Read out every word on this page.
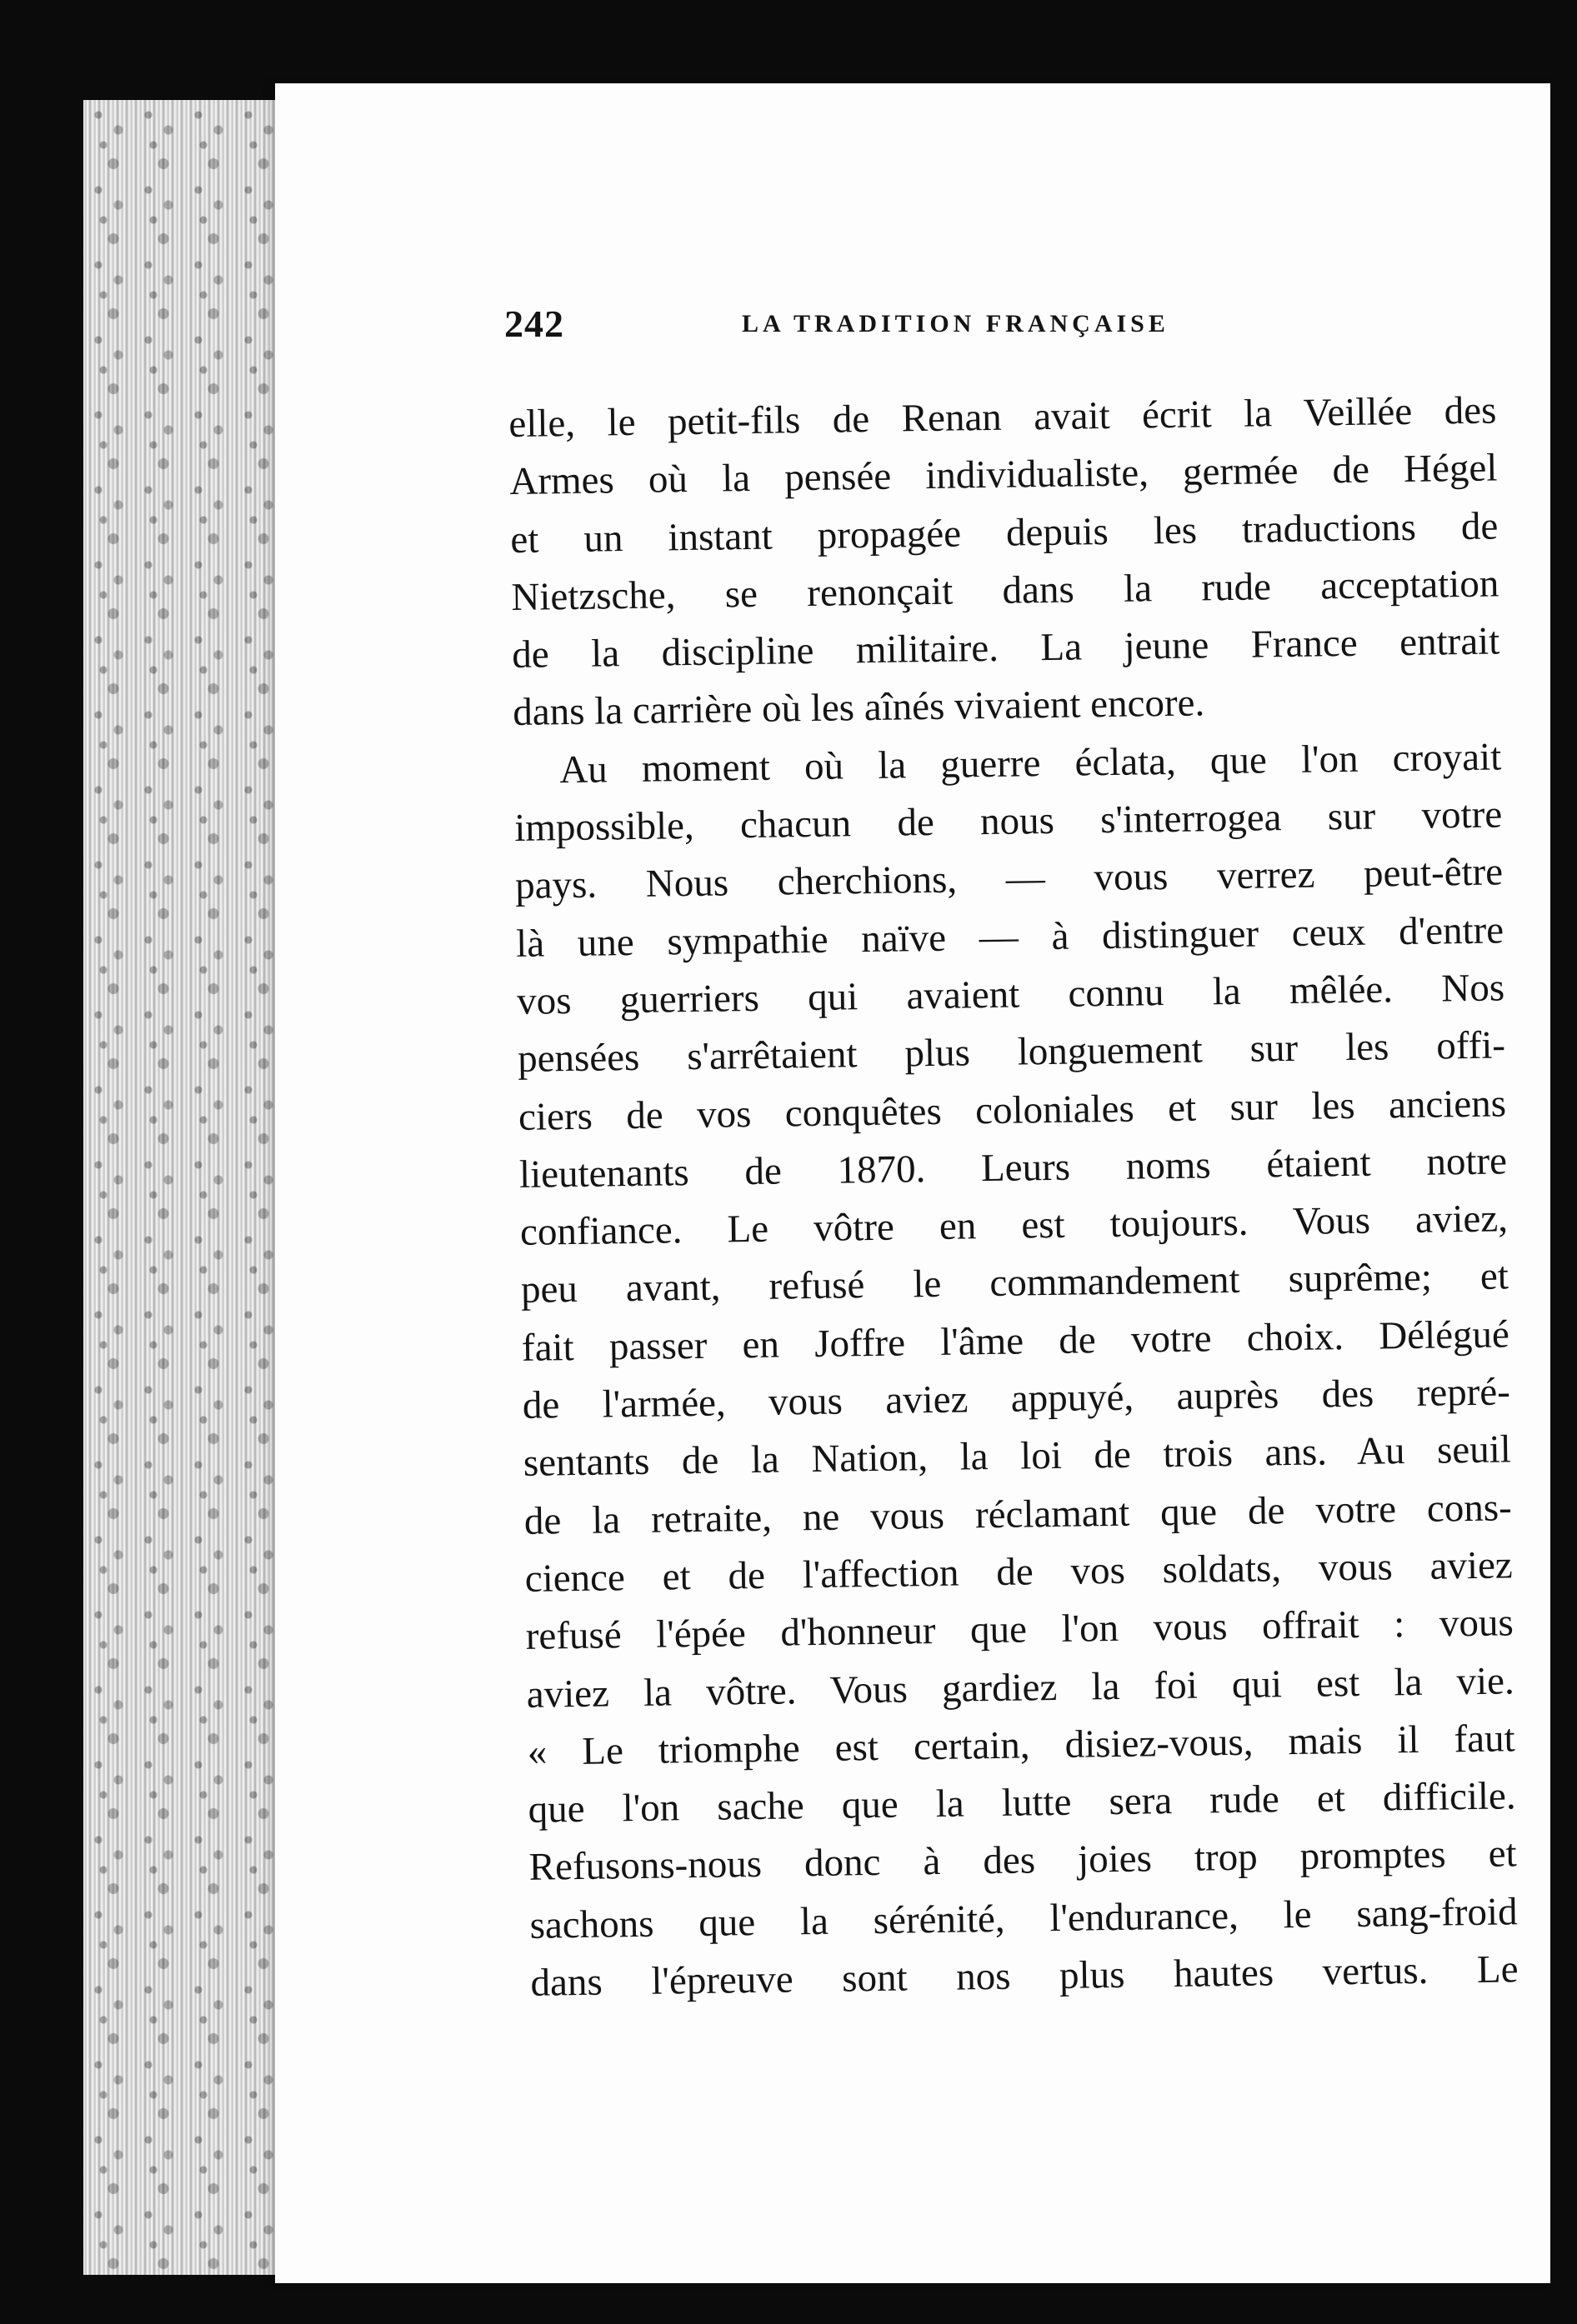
242	LA TRADITION FRANÇAISE
elle, le petit-fils de Renan avait écrit la Veillée des
Armes où la pensée individualiste, germée de Hégel
et un instant propagée depuis les traductions de
Nietzsche, se renonçait dans la rude acceptation
de la discipline militaire. La jeune France entrait
dans la carrière où les aînés vivaient encore.
Au moment où la guerre éclata, que l'on croyait
impossible, chacun de nous s'interrogea sur votre
pays. Nous cherchions, — vous verrez peut-être
là une sympathie naïve — à distinguer ceux d'entre
vos guerriers qui avaient connu la mêlée. Nos
pensées s'arrêtaient plus longuement sur les offi-
ciers de vos conquêtes coloniales et sur les anciens
lieutenants de 1870. Leurs noms étaient notre
confiance. Le vôtre en est toujours. Vous aviez,
peu avant, refusé le commandement suprême; et
fait passer en Joffre l'âme de votre choix. Délégué
de l'armée, vous aviez appuyé, auprès des repré-
sentants de la Nation, la loi de trois ans. Au seuil
de la retraite, ne vous réclamant que de votre cons-
cience et de l'affection de vos soldats, vous aviez
refusé l'épée d'honneur que l'on vous offrait : vous
aviez la vôtre. Vous gardiez la foi qui est la vie.
« Le triomphe est certain, disiez-vous, mais il faut
que l'on sache que la lutte sera rude et difficile.
Refusons-nous donc à des joies trop promptes et
sachons que la sérénité, l'endurance, le sang-froid
dans l'épreuve sont nos plus hautes vertus. Le
